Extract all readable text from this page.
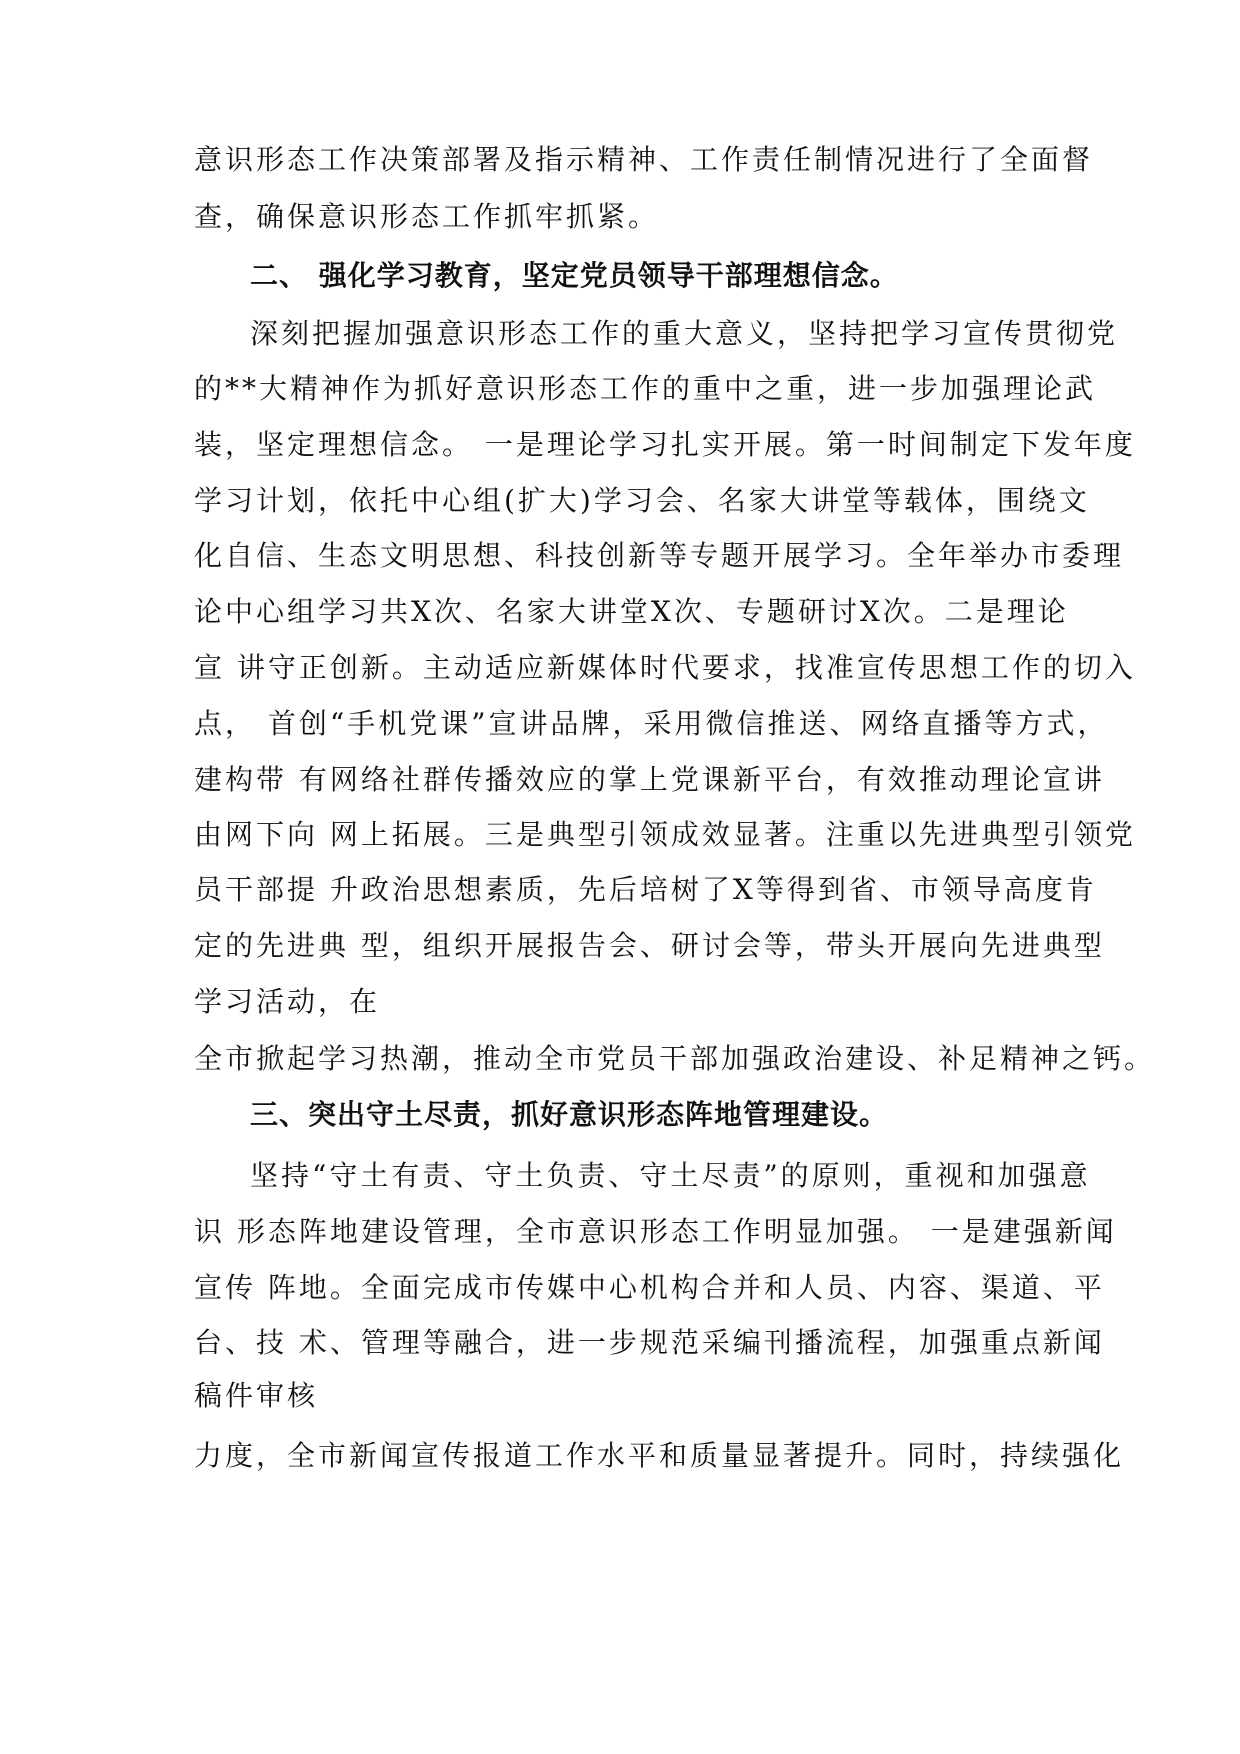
意识形态工作决策部署及指示精神、工作责任制情况进行了全面督
查，确保意识形态工作抓牢抓紧。
二、 强化学习教育，坚定党员领导干部理想信念。
深刻把握加强意识形态工作的重大意义，坚持把学习宣传贯彻党
的**大精神作为抓好意识形态工作的重中之重，进一步加强理论武
装，坚定理想信念。 一是理论学习扎实开展。第一时间制定下发年度
学习计划，依托中心组(扩大)学习会、名家大讲堂等载体，围绕文
化自信、生态文明思想、科技创新等专题开展学习。全年举办市委理
论中心组学习共X次、名家大讲堂X次、专题研讨X次。二是理论
宣 讲守正创新。主动适应新媒体时代要求，找准宣传思想工作的切入
点， 首创“手机党课”宣讲品牌，采用微信推送、网络直播等方式，
建构带 有网络社群传播效应的掌上党课新平台，有效推动理论宣讲
由网下向 网上拓展。三是典型引领成效显著。注重以先进典型引领党
员干部提 升政治思想素质，先后培树了X等得到省、市领导高度肯
定的先进典 型，组织开展报告会、研讨会等，带头开展向先进典型
学习活动，在
全市掀起学习热潮，推动全市党员干部加强政治建设、补足精神之钙。
三、突出守土尽责，抓好意识形态阵地管理建设。
坚持“守土有责、守土负责、守土尽责”的原则，重视和加强意
识 形态阵地建设管理，全市意识形态工作明显加强。 一是建强新闻
宣传 阵地。全面完成市传媒中心机构合并和人员、内容、渠道、平
台、技 术、管理等融合，进一步规范采编刊播流程，加强重点新闻
稿件审核
力度，全市新闻宣传报道工作水平和质量显著提升。同时，持续强化
